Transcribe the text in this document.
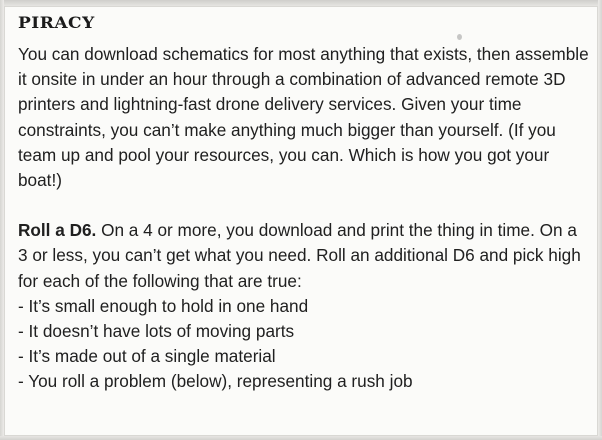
PIRACY

You can download schematics for most anything that exists, then assemble
it onsite in under an hour through a combination of advanced remote 3D
printers and lightning-fast drone delivery services. Given your time
constraints, you can’t make anything much bigger than yourself. (If you
team up and pool your resources, you can. Which is how you got your
boat!)

Roll a D6. On a 4 or more, you download and print the thing in time. On a
3 or less, you can’t get what you need. Roll an additional D6 and pick high
for each of the following that are true:

- It’s small enough to hold in one hand
- It doesn’t have lots of moving parts
- It’s made out of a single material
- You roll a problem (below), representing a rush job
